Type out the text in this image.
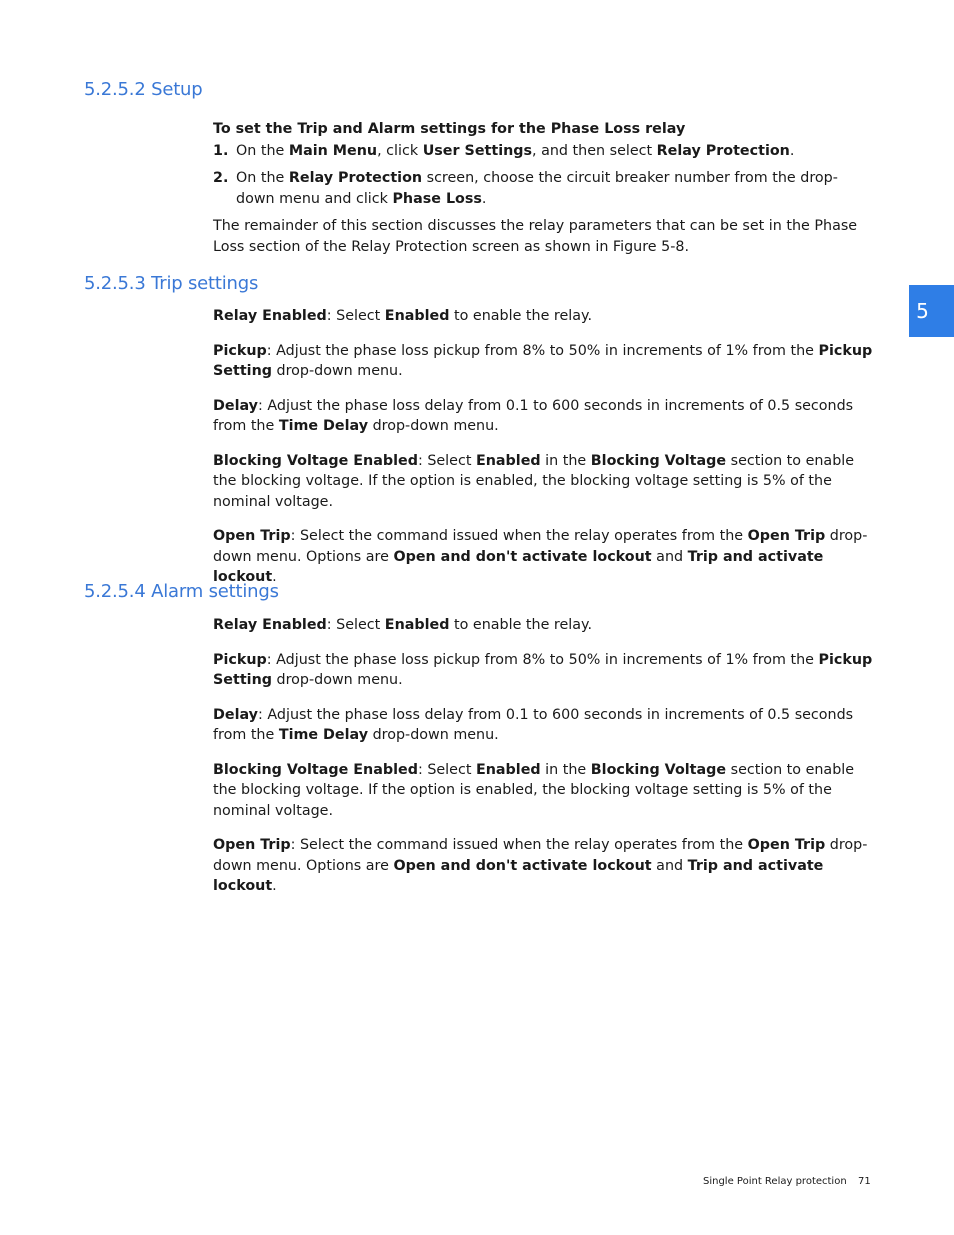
5.2.5.2 Setup

To set the Trip and Alarm settings for the Phase Loss relay

1. On the Main Menu, click User Settings, and then select Relay Protection.
2. On the Relay Protection screen, choose the circuit breaker number from the drop-down menu and click Phase Loss.

The remainder of this section discusses the relay parameters that can be set in the Phase Loss section of the Relay Protection screen as shown in Figure 5-8.

5.2.5.3 Trip settings

Relay Enabled: Select Enabled to enable the relay.

Pickup: Adjust the phase loss pickup from 8% to 50% in increments of 1% from the Pickup Setting drop-down menu.

Delay: Adjust the phase loss delay from 0.1 to 600 seconds in increments of 0.5 seconds from the Time Delay drop-down menu.

Blocking Voltage Enabled: Select Enabled in the Blocking Voltage section to enable the blocking voltage. If the option is enabled, the blocking voltage setting is 5% of the nominal voltage.

Open Trip: Select the command issued when the relay operates from the Open Trip drop-down menu. Options are Open and don't activate lockout and Trip and activate lockout.

5.2.5.4 Alarm settings

Relay Enabled: Select Enabled to enable the relay.

Pickup: Adjust the phase loss pickup from 8% to 50% in increments of 1% from the Pickup Setting drop-down menu.

Delay: Adjust the phase loss delay from 0.1 to 600 seconds in increments of 0.5 seconds from the Time Delay drop-down menu.

Blocking Voltage Enabled: Select Enabled in the Blocking Voltage section to enable the blocking voltage. If the option is enabled, the blocking voltage setting is 5% of the nominal voltage.

Open Trip: Select the command issued when the relay operates from the Open Trip drop-down menu. Options are Open and don't activate lockout and Trip and activate lockout.

5
Single Point Relay protection 71
